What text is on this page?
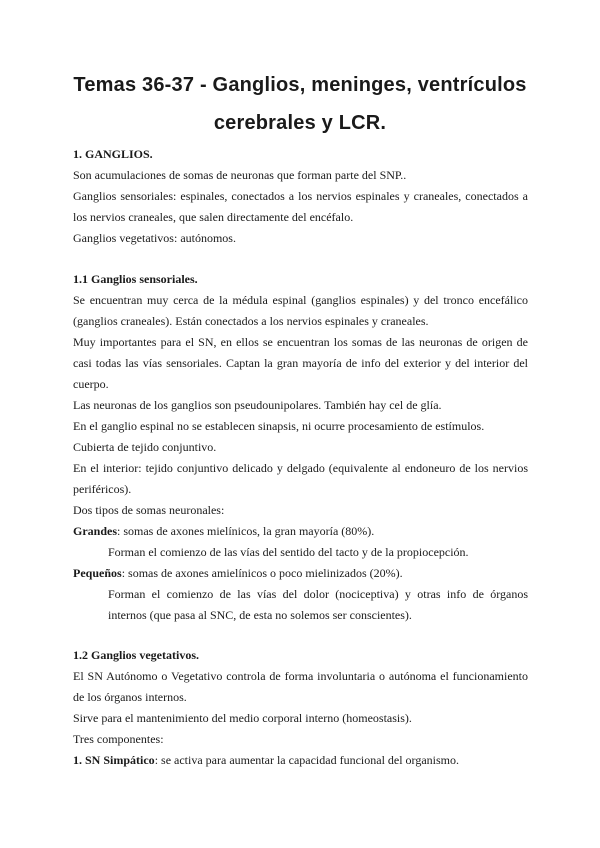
Temas 36-37 - Ganglios, meninges, ventrículos
cerebrales y LCR.
1. GANGLIOS.
Son acumulaciones de somas de neuronas que forman parte del SNP..
Ganglios sensoriales: espinales, conectados a los nervios espinales y craneales, conectados a
los nervios craneales, que salen directamente del encéfalo.
Ganglios vegetativos: autónomos.
1.1 Ganglios sensoriales.
Se encuentran muy cerca de la médula espinal (ganglios espinales) y del tronco encefálico
(ganglios craneales). Están conectados a los nervios espinales y craneales.
Muy importantes para el SN, en ellos se encuentran los somas de las neuronas de origen de
casi todas las vías sensoriales. Captan la gran mayoría de info del exterior y del interior del
cuerpo.
Las neuronas de los ganglios son pseudounipolares. También hay cel de glía.
En el ganglio espinal no se establecen sinapsis, ni ocurre procesamiento de estímulos.
Cubierta de tejido conjuntivo.
En el interior: tejido conjuntivo delicado y delgado (equivalente al endoneuro de los nervios
periféricos).
Dos tipos de somas neuronales:
Grandes: somas de axones mielínicos, la gran mayoría (80%).
Forman el comienzo de las vías del sentido del tacto y de la propiocepción.
Pequeños: somas de axones amielínicos o poco mielinizados (20%).
Forman el comienzo de las vías del dolor (nociceptiva) y otras info de órganos
internos (que pasa al SNC, de esta no solemos ser conscientes).
1.2 Ganglios vegetativos.
El SN Autónomo o Vegetativo controla de forma involuntaria o autónoma el funcionamiento
de los órganos internos.
Sirve para el mantenimiento del medio corporal interno (homeostasis).
Tres componentes:
1. SN Simpático: se activa para aumentar la capacidad funcional del organismo.
